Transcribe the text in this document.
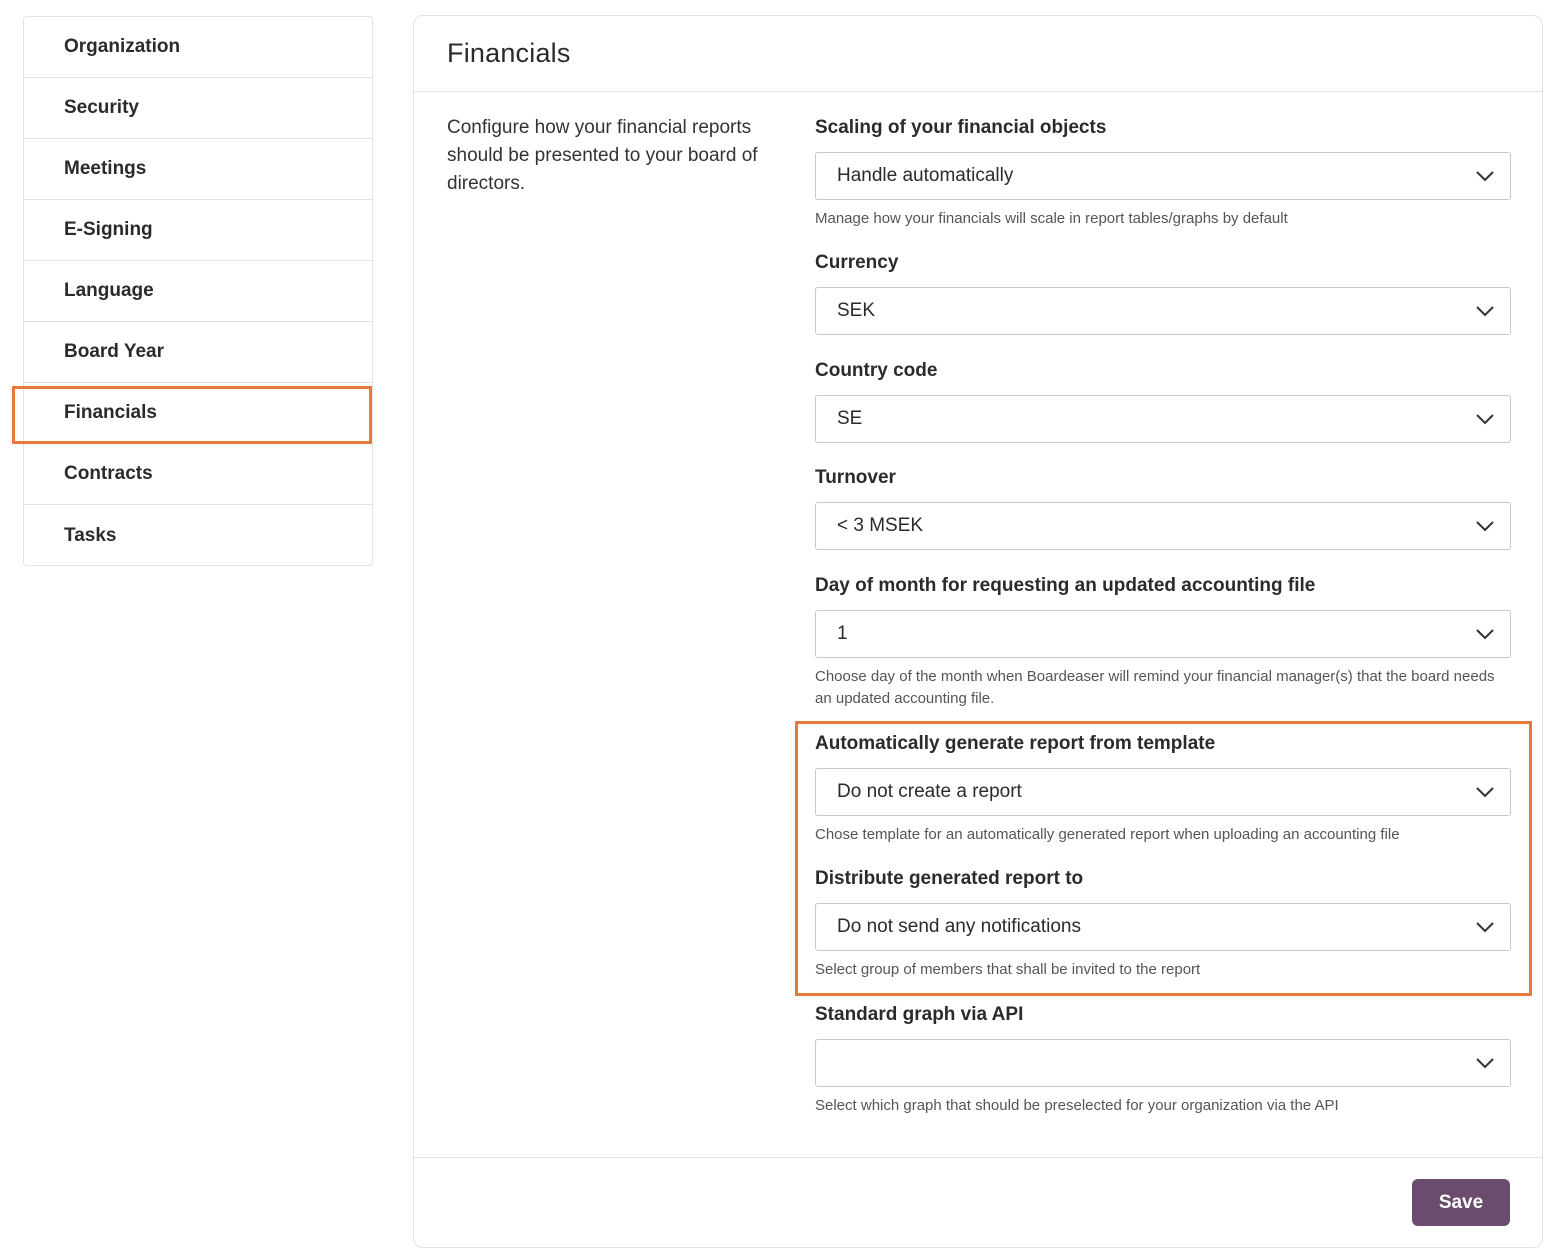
Organization
Security
Meetings
E-Signing
Language
Board Year
Financials
Contracts
Tasks
Financials

Configure how your financial reports should be presented to your board of directors.

Scaling of your financial objects
Handle automatically
Manage how your financials will scale in report tables/graphs by default
Currency
SEK
Country code
SE
Turnover
< 3 MSEK
Day of month for requesting an updated accounting file
1
Choose day of the month when Boardeaser will remind your financial manager(s) that the board needs an updated accounting file.
Automatically generate report from template
Do not create a report
Chose template for an automatically generated report when uploading an accounting file
Distribute generated report to
Do not send any notifications
Select group of members that shall be invited to the report
Standard graph via API
Select which graph that should be preselected for your organization via the API
Save
